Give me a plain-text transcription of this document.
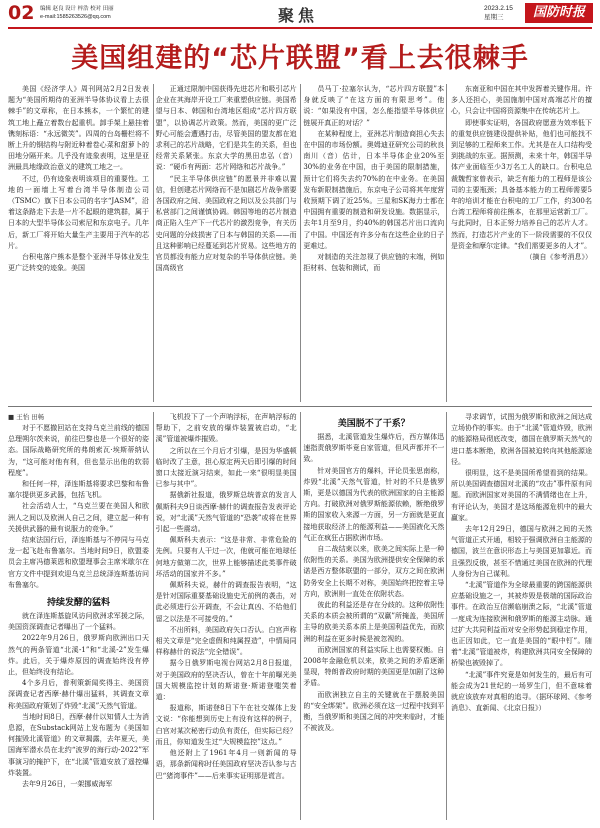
02 编辑 赵良 设计 梓浩 校对 田丽
e-mail:1585263526@qq.com	聚焦	2023.2.15
星期三	国防时报
美国组建的“芯片联盟”看上去很棘手

美国《经济学人》周刊网站2月2日发表题为“美国所期待的亚洲半导体协议看上去很棘手”的文章称，在日本熊本，一个繁忙的建筑工地上矗立着数台起重机。卸手架上悬挂着镌刻标语：“永远微笑”。四周的台岛栅栏将不断上升的钢结构与附近种着卷心菜和甜萝卜的田地分隔开来。几乎没有迹象表明，这里是亚洲最具地缘政治意义的建筑工地之一。

不过，仍有迹象表明该项目的重要性。工地的一面墙上写着台湾半导体制造公司（TSMC）旗下日本公司的名字“JASM”，沿着这条路走下去是一片不起眼的建筑群，属于日本的大型半导体公司索尼和东京电子。几年后，新工厂将开始大量生产主要用于汽车的芯片。

台积电落户熊本是整个亚洲半导体业发生更广泛转变的迹象。美国

正通过限制中国获得先进芯片和吸引芯片企业在其海岸开设工厂来重塑供应链。美国希望与日本、韩国和台湾地区组成“芯片四方联盟”，以协调芯片政策。然而，美国的更广泛野心可能会遭遇打击，尽管美国的盟友都在追求利己的芯片战略，它们是共生的关系，但也经常关系紧张。东京大学的黑田忠弘（音）说：“硬币有两面：芯片网络和芯片战争。”

“民主半导体供应链”的愿景并非难以置信，但创建芯片网络而不是加剧芯片战争需要各国政府之间、美国政府之间以及公共部门与私营部门之间谨慎协调。韩国等地的芯片制造商正陷入生产下一代芯片的激烈竞争，有关历史问题的分歧损害了日本与韩国的关系——而且这种影响已经蔓延到芯片贸易。这些地方的官员都没有能力应对复杂的半导体供应链。美国高级官

员马丁·拉塞尔认为，“芯片四方联盟”本身就反映了“在这方面的有限思考”。他说：“如果没有中国，怎么能指望半导体供应链展开真正的对话？”

在某种程度上，亚洲芯片制造商担心失去在中国的市场份额。奥姆迪亚研究公司的秋良南川（音）估计，日本半导体企业20%至30%的业务在中国，由于美国的限制措施，预计它们将失去约70%的在中业务。在美国发布新限制措施后，东京电子公司将其年度营收预期下调了近25%。三星和SK海力士都在中国拥有重要的制造和研发设施。数据显示，去年1月至9月，约40%的韩国芯片出口流向了中国。中国还有许多分布在这些企业的日子更难过。

对制造的关注忽视了供应链的末端，例如拒材料、包装和测试，而

东南亚和中国在其中发挥着关键作用。许多人还担心，美国施制中国对高端芯片的擅心，只会让中国将资源集中在传统芯片上。

即使事实证明，各国政府愿意为效率低下的重复供应链建设提供补贴，他们也可能找不到足够的工程师来工作。尤其是在人口结构受到挑战的东亚。据预测，未来十年，韩国半导体产业面临至少3万名工人的缺口。台积电总裁魏哲家曾表示，缺乏有能力的工程师是该公司的主要瓶颈；具备基本能力的工程师需要5年的培训才能在台积电的工厂工作，约300名台湾工程师将前往熊本，在那里运营新工厂。与此同时，日本正努力培养自己的芯片人才。然而，打造芯片产业的下一阶段需要的不仅仅是资金和摩尔定律。“我们需要更多的人才”。

（摘自《参考消息》）

■ 王怡 田畅

对于不愿撤回站在支持乌克兰前线的德国总理朔尔茨来说，前往巴黎也是一个很好的姿态。国际战略研究所的弗朗索瓦·埃斯蒂纳认为，“这可能对他有利，但也显示出他的软弱程度”。

和任何一样，泽连斯基将要求巴黎和布鲁塞尔提供更多武器，包括飞机。

社会活动人士，“乌克兰要在美国人和欧洲人之间以及欧洲人自己之间，建立起一种有关援供武器的最有说服力的竞争。”

结束法国行后，泽连斯基与不停同与马克龙一起飞赴布鲁塞尔。当地时间9日，欧盟委员会主席冯德莱恩和欧盟理事会主席米歇尔在官方文件中提到欢迎乌克兰总统泽连斯基访问布鲁塞尔。

持续发酵的猛料

就在泽连斯基旋风访问欧洲求军援之际，美国资深调查记者曝出了一个猛料。

2022年9月26日，俄罗斯向欧洲出口天然气的两条管道“北溪-1”和“北溪-2”发生爆炸。此后，关于爆炸原因的调查始终没有停止，但始终没有结论。

4个多月后，普利策新闻奖得主、美国资深调查记者西摩·赫什爆出猛料，其调查文章称美国政府策划了炸毁“北溪”天然气管道。

当地时间8日，西摩·赫什以知情人士为消息源，在Substack网站上发布题为《美国如何摧毁北溪管道》的文章揭露，去年夏天，美国海军潜水员在北约“波罗的海行动-2022”军事演习的掩护下，在“北溪”管道安放了遥控爆炸装置。

去年9月26日，一架挪威海军

飞机投下了一个声呐浮标，在声呐浮标的帮助下，之前安放的爆炸装置被启动，“北溪”管道被爆炸摧毁。

之所以在三个月后才引爆，是因为华盛顿临时改了主意，担心原定两天后即引爆的时间窗口太接近演习结束，如此一来“很明显美国已参与其中”。

据俄新社报道，俄罗斯总统普京的发言人佩斯科夫9日谈西摩·赫什的调查报告发表评论说，对“北溪”天然气管道的“恐袭”或将在世界引起一些震动。

佩斯科夫表示：“这是非常、非常危险的先例。只要有人干过一次，他就可能在地球任何地方做第二次，世界上能够描述此类事件破坏活动的国家并不多。”

佩斯科夫说，赫什的调查报告表明，“这是针对国际重要基础设施史无前例的袭击，对此必须进行公开调查，不会让真凶、不给他们留之以法是不可接受的。”

不出所料，美国政府矢口否认。白宫声称相关文章是“完全虚假和纯属捏造”，中情局同样称赫什的说法“完全错误”。

据今日俄罗斯电视台网站2月8日报道，对于美国政府的坚决否认，曾在十年前曝光美国大规模监控计划的斯诺登·斯诺登嗤笑着道：

报道称，斯诺登8日下午在社交媒体上发文说：“你能想到历史上有没有这样的例子，白宫对某次秘密行动负有责任，但实际已经？而且，你知道发生过“大规模监控”这点。”

他还附上了1961年4月一则新闻的导语，那条新闻称时任美国政府坚决否认参与古巴“猪湾事件”——后来事实证明那是谎言。

美国脱不了干系？

据悉，北溪管道发生爆炸后，西方媒体迅速指责俄罗斯毕竟自家管道，但风声都并不一致。

针对美国官方的爆料，评论员张思南称，炸毁“北溪”天然气管道，针对的不只是俄罗斯，更是以德国为代表的欧洲国家的自主能源方向。打破欧洲对俄罗斯能源依赖，断绝俄罗斯的国家收入来源一方面，另一方面就是更直接地获取经济上的能源利益——美国液化天然气正在疯狂占据欧洲市场。

自二战结束以来，欧美之间实际上是一种依附性的关系。美国为欧洲提供安全保障的承诺是西方整体联盟的一部分，双方之间在欧洲防务安全上长期不对称，美国始终把控着主导方向，欧洲则一直处在依附状态。

彼此的利益还是存在分歧的。这种依附性关系的本质会被所谓的“双赢”所掩盖，美国所主导的欧美关系本质上是美国利益优先，而欧洲的利益在更多时候是被忽视的。

而欧洲国家的利益实际上也需要权衡。自2008年金融危机以来，欧美之间的矛盾逐渐显现，特朗普政府时期的美国更是加剧了这种矛盾。

而欧洲独立自主的关键就在于摆脱美国的“安全绑架”。欧洲必须在这一过程中找到平衡，当俄罗斯和美国之间的冲突来临时，才能不被波及。

寻求调节，试图为俄罗斯和欧洲之间达成立场协作的事实。由于“北溪”管道炸毁，欧洲的能源格局彻底改变，德国在俄罗斯天然气的进口基本断绝，欧洲各国被迫转向其他能源途径。

很明显，这不是美国所希望看到的结果。所以美国调查德国对北溪的“攻击”事件原有问题。而欧洲国家对美国的不满情绪也在上升，有评论认为，美国才是这场能源危机中的最大赢家。

去年12月29日，德国与欧洲之间的天然气管道正式开通，相较于强调欧洲自主能源的德国，波兰在意识形态上与美国更加靠近。而且强烈反俄，甚至不惜通过美国在欧洲的代理人身份为自己谋利。

“北溪”管道作为全球最重要的跨国能源供应基础设施之一，其被炸毁是极端的国际政治事件。在政治互信濒临崩溃之际，“北溪”管道一度成为连接欧洲和俄罗斯的能源主动脉。通过扩大共同利益而对安全形势起到稳定作用，也正因如此，它一直是美国的“眼中钉”。随着“北溪”管道被炸，构建欧洲共同安全保障的桥梁也被毁掉了。

“北溪”事件究竟是如何发生的，最后有可能会成为21世纪的一场罗生门，但不意味着就应该放弃对真相的追寻。（据环球网、《参考消息》、直新闻、《北京日报》）
